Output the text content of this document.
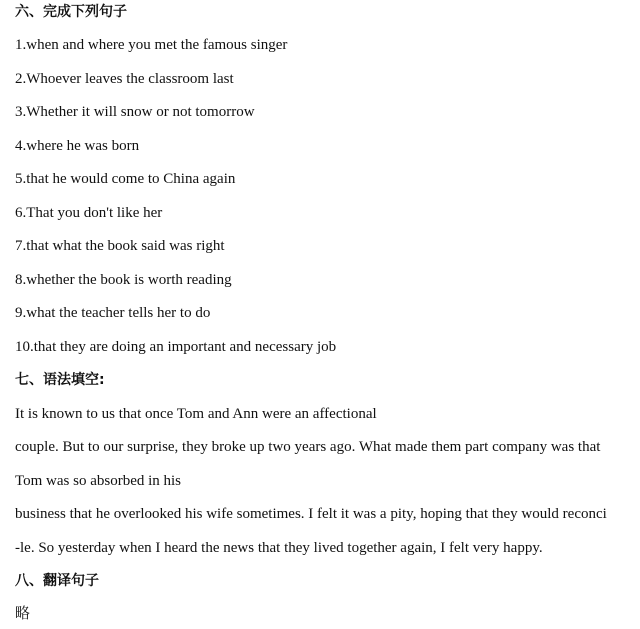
六、完成下列句子
1.when and where you met the famous singer
2.Whoever leaves the classroom last
3.Whether it will snow or not tomorrow
4.where he was born
5.that he would come to China again
6.That you don't like her
7.that what the book said was right
8.whether the book is worth reading
9.what the teacher tells her to do
10.that they are doing an important and necessary job
七、语法填空:
It is known to us that once Tom and Ann were an affectional
couple. But to our surprise, they broke up two years ago. What made them part company was that
Tom was so absorbed in his
business that he overlooked his wife sometimes. I felt it was a pity, hoping that they would reconci
-le. So yesterday when I heard the news that they lived together again, I felt very happy.
八、翻译句子
略
